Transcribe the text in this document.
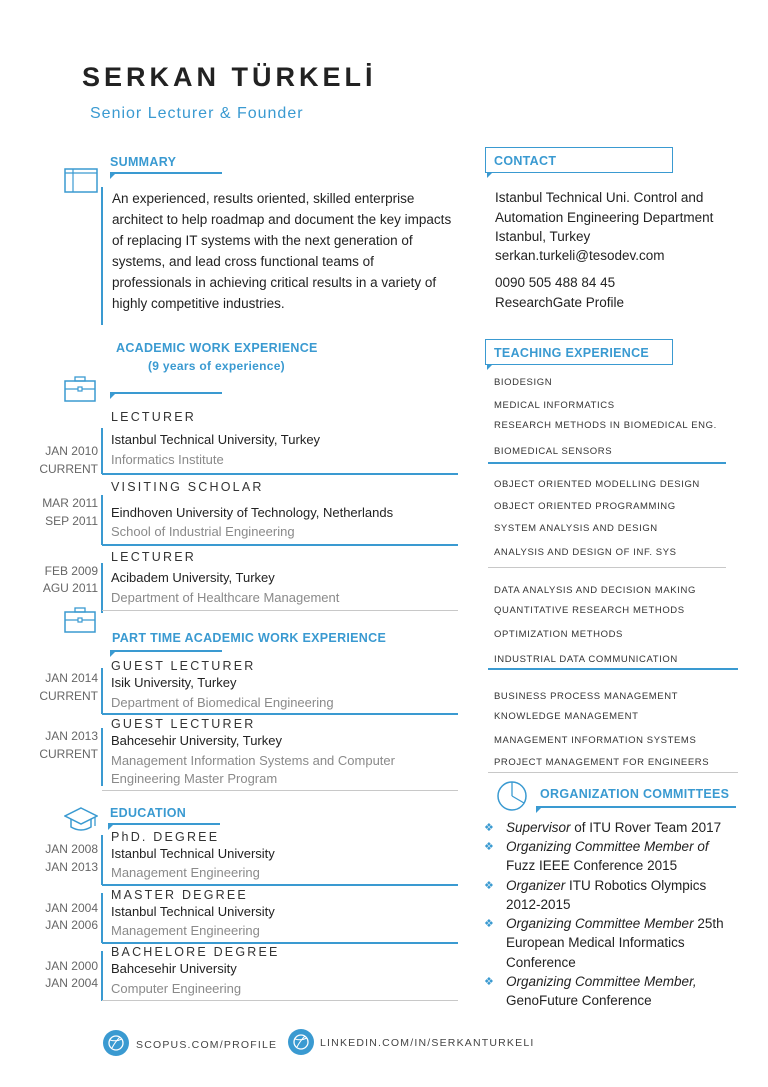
SERKAN TÜRKELİ
Senior Lecturer & Founder
SUMMARY
An experienced, results oriented, skilled enterprise architect to help roadmap and document the key impacts of replacing IT systems with the next generation of systems, and lead cross functional teams of professionals in achieving critical results in a variety of highly competitive industries.
CONTACT
Istanbul Technical Uni. Control and
Automation Engineering Department
Istanbul, Turkey
serkan.turkeli@tesodev.com
0090 505 488 84 45
ResearchGate Profile
ACADEMIC WORK EXPERIENCE
(9 years of experience)
LECTURER
JAN 2010
CURRENT
Istanbul Technical University, Turkey
Informatics Institute
VISITING SCHOLAR
MAR 2011
SEP 2011
Eindhoven University of Technology, Netherlands
School of Industrial Engineering
LECTURER
FEB 2009
AGU 2011
Acibadem University, Turkey
Department of Healthcare Management
PART TIME ACADEMIC WORK EXPERIENCE
GUEST LECTURER
JAN 2014
CURRENT
Isik University, Turkey
Department of Biomedical Engineering
GUEST LECTURER
JAN 2013
CURRENT
Bahcesehir University, Turkey
Management Information Systems and Computer
Engineering Master Program
EDUCATION
PhD. DEGREE
JAN 2008
JAN 2013
Istanbul Technical University
Management Engineering
MASTER DEGREE
JAN 2004
JAN 2006
Istanbul Technical University
Management Engineering
BACHELORE DEGREE
JAN 2000
JAN 2004
Bahcesehir University
Computer Engineering
TEACHING EXPERIENCE
BIODESIGN
MEDICAL INFORMATICS
RESEARCH METHODS IN BIOMEDICAL ENG.
BIOMEDICAL SENSORS
OBJECT ORIENTED MODELLING DESIGN
OBJECT ORIENTED PROGRAMMING
SYSTEM ANALYSIS AND DESIGN
ANALYSIS AND DESIGN OF INF. SYS
DATA ANALYSIS AND DECISION MAKING
QUANTITATIVE RESEARCH METHODS
OPTIMIZATION METHODS
INDUSTRIAL DATA COMMUNICATION
BUSINESS PROCESS MANAGEMENT
KNOWLEDGE MANAGEMENT
MANAGEMENT INFORMATION SYSTEMS
PROJECT MANAGEMENT FOR ENGINEERS
ORGANIZATION COMMITTEES
❖ Supervisor of ITU Rover Team 2017
❖ Organizing Committee Member of
Fuzz IEEE Conference 2015
❖ Organizer ITU Robotics Olympics
2012-2015
❖ Organizing Committee Member 25th
European Medical Informatics
Conference
❖ Organizing Committee Member,
GenoFuture Conference
SCOPUS.COM/PROFILE	LINKEDIN.COM/IN/SERKANTURKELI
